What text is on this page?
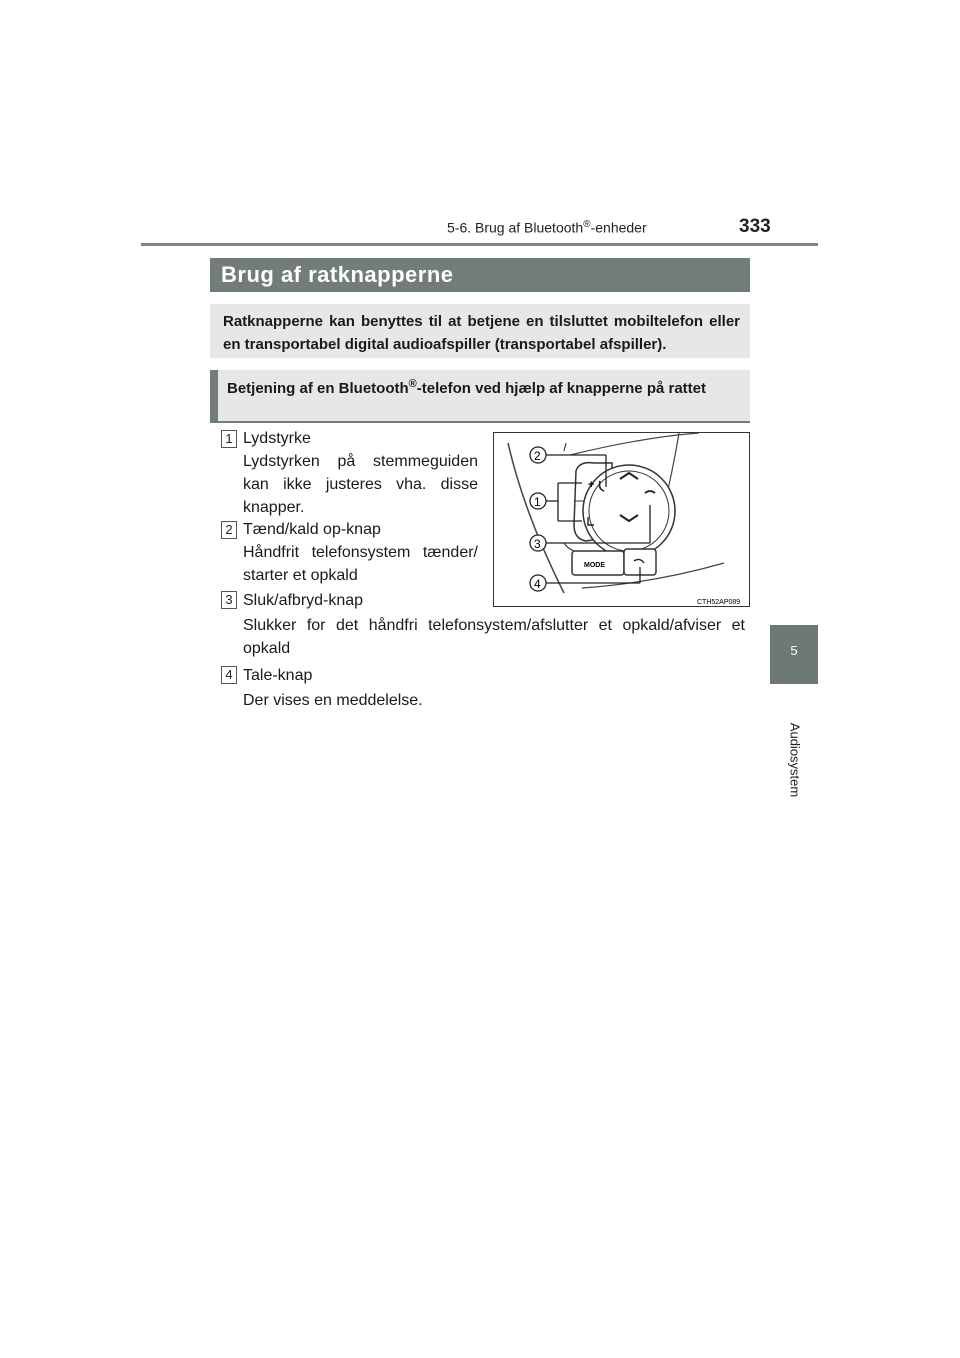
5-6. Brug af Bluetooth®-enheder	333
5
Audiosystem
Brug af ratknapperne
Ratknapperne kan benyttes til at betjene en tilsluttet mobiltelefon eller en transportabel digital audioafspiller (transportabel afspiller).
Betjening af en Bluetooth®-telefon ved hjælp af knapperne på rattet
1 Lydstyrke
Lydstyrken på stemmeguiden kan ikke justeres vha. disse knapper.
2 Tænd/kald op-knap
Håndfrit telefonsystem tænder/ starter et opkald
3 Sluk/afbryd-knap
Slukker for det håndfri telefonsystem/afslutter et opkald/afviser et opkald
4 Tale-knap
Der vises en meddelelse.
+
MODE
2
1
3
4
CTH52AP089
